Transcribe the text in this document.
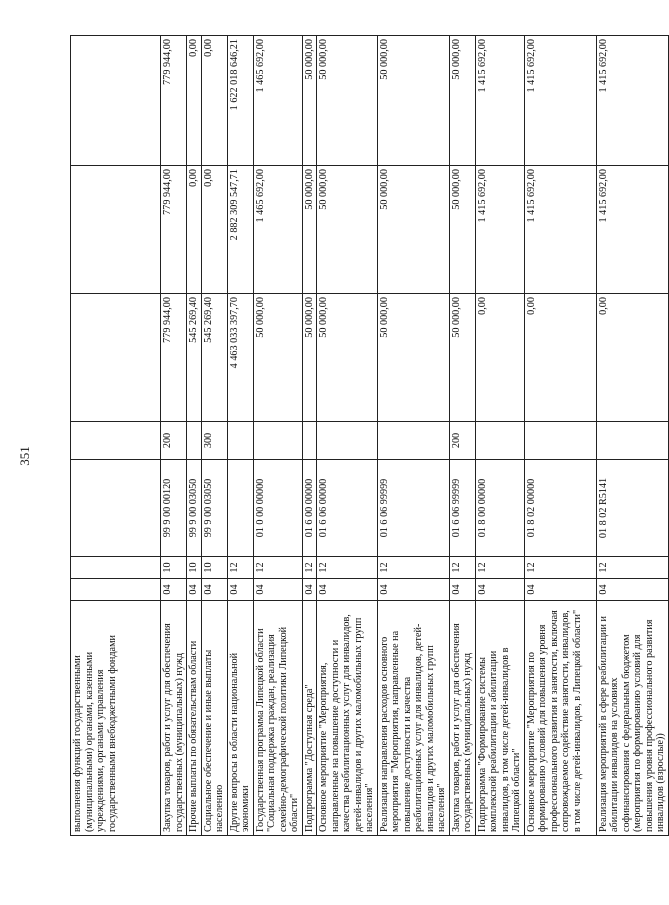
351
выполнения функций государственными (муниципальными) органами, казенными учреждениями, органами управления государственными внебюджетными фондами							
Закупка товаров, работ и услуг для обеспечения государственных (муниципальных) нужд	04	10	99 9 00 00120	200	779 944,00	779 944,00	779 944,00
Прочие выплаты по обязательствам области	04	10	99 9 00 03050		545 269,40	0,00	0,00
Социальное обеспечение и иные выплаты населению	04	10	99 9 00 03050	300	545 269,40	0,00	0,00
Другие вопросы в области национальной экономики	04	12			4 463 033 397,70	2 882 309 547,71	1 622 018 646,21
Государственная программа Липецкой области "Социальная поддержка граждан, реализация семейно-демографической политики Липецкой области"	04	12	01 0 00 00000		50 000,00	1 465 692,00	1 465 692,00
Подпрограмма "Доступная среда"	04	12	01 6 00 00000		50 000,00	50 000,00	50 000,00
Основное мероприятие "Мероприятия, направленные на повышение доступности и качества реабилитационных услуг для инвалидов, детей-инвалидов и других маломобильных групп населения"	04	12	01 6 06 00000		50 000,00	50 000,00	50 000,00
Реализация направления расходов основного мероприятия "Мероприятия, направленные на повышение доступности и качества реабилитационных услуг для инвалидов, детей-инвалидов и других маломобильных групп населения"	04	12	01 6 06 99999		50 000,00	50 000,00	50 000,00
Закупка товаров, работ и услуг для обеспечения государственных (муниципальных) нужд	04	12	01 6 06 99999	200	50 000,00	50 000,00	50 000,00
Подпрограмма "Формирование системы комплексной реабилитации и абилитации инвалидов, в том числе детей-инвалидов в Липецкой области"	04	12	01 8 00 00000		0,00	1 415 692,00	1 415 692,00
Основное мероприятие "Мероприятия по формированию условий для повышения уровня профессионального развития и занятости, включая сопровождаемое содействие занятости, инвалидов, в том числе детей-инвалидов, в Липецкой области"	04	12	01 8 02 00000		0,00	1 415 692,00	1 415 692,00
Реализация мероприятий в сфере реабилитации и абилитации инвалидов на условиях софинансирования с федеральным бюджетом (мероприятия по формированию условий для повышения уровня профессионального развития инвалидов (взрослые))	04	12	01 8 02 R5141		0,00	1 415 692,00	1 415 692,00
